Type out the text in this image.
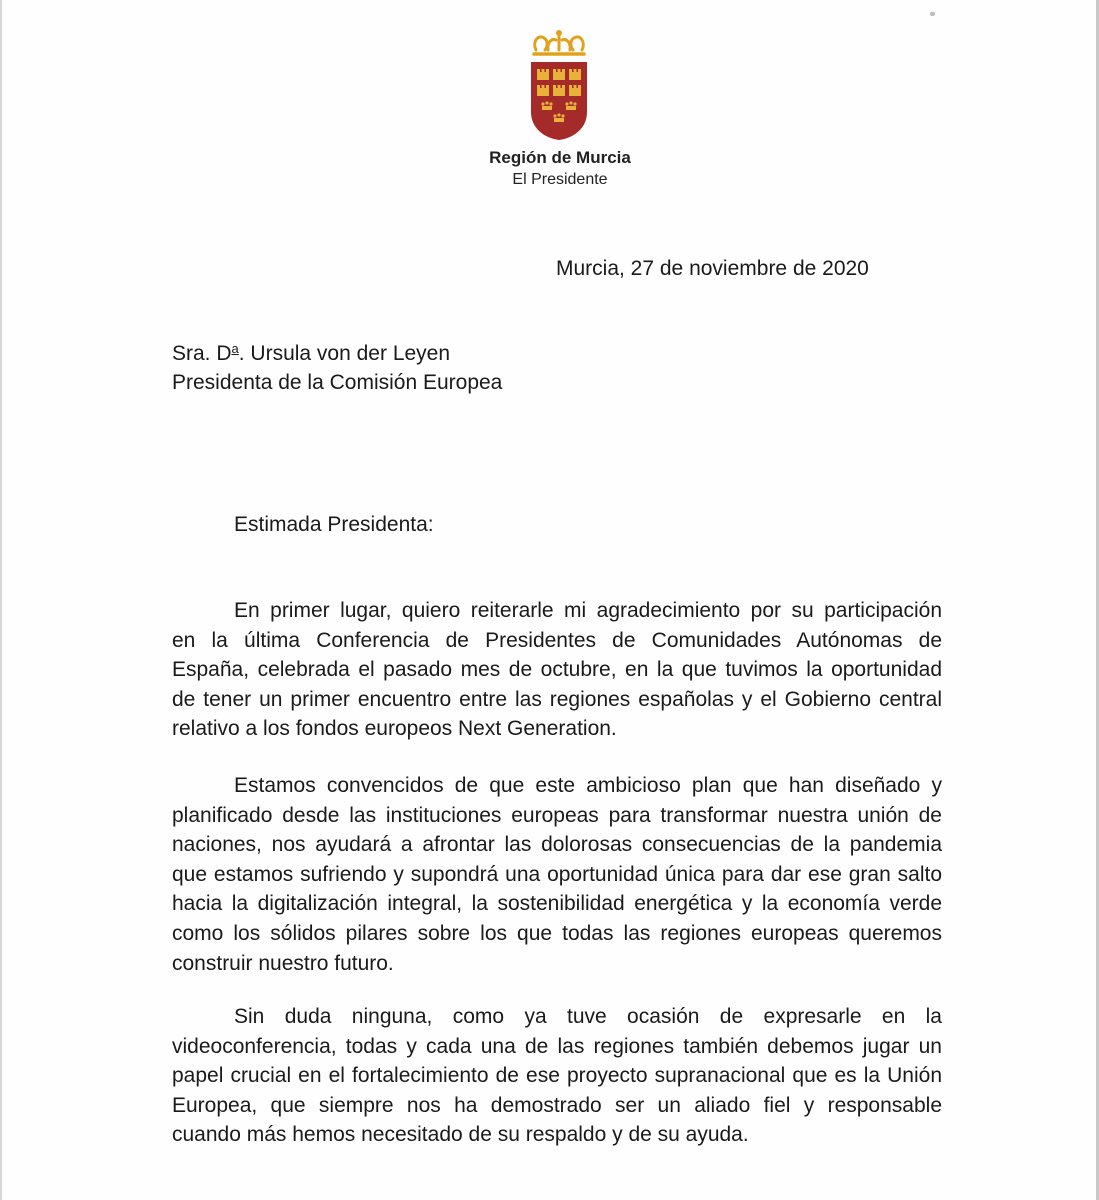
Región de Murcia
El Presidente
Murcia, 27 de noviembre de 2020
Sra. $D^a$. Ursula von der Leyen
Presidenta de la Comisión Europea
Estimada Presidenta:
En primer lugar, quiero reiterarle mi agradecimiento por su participación
en la última Conferencia de Presidentes de Comunidades Autónomas de
España, celebrada el pasado mes de octubre, en la que tuvimos la oportunidad
de tener un primer encuentro entre las regiones españolas y el Gobierno central
relativo a los fondos europeos Next Generation.
Estamos convencidos de que este ambicioso plan que han diseñado y
planificado desde las instituciones europeas para transformar nuestra unión de
naciones, nos ayudará a afrontar las dolorosas consecuencias de la pandemia
que estamos sufriendo y supondrá una oportunidad única para dar ese gran salto
hacia la digitalización integral, la sostenibilidad energética y la economía verde
como los sólidos pilares sobre los que todas las regiones europeas queremos
construir nuestro futuro.
Sin duda ninguna, como ya tuve ocasión de expresarle en la
videoconferencia, todas y cada una de las regiones también debemos jugar un
papel crucial en el fortalecimiento de ese proyecto supranacional que es la Unión
Europea, que siempre nos ha demostrado ser un aliado fiel y responsable
cuando más hemos necesitado de su respaldo y de su ayuda.
